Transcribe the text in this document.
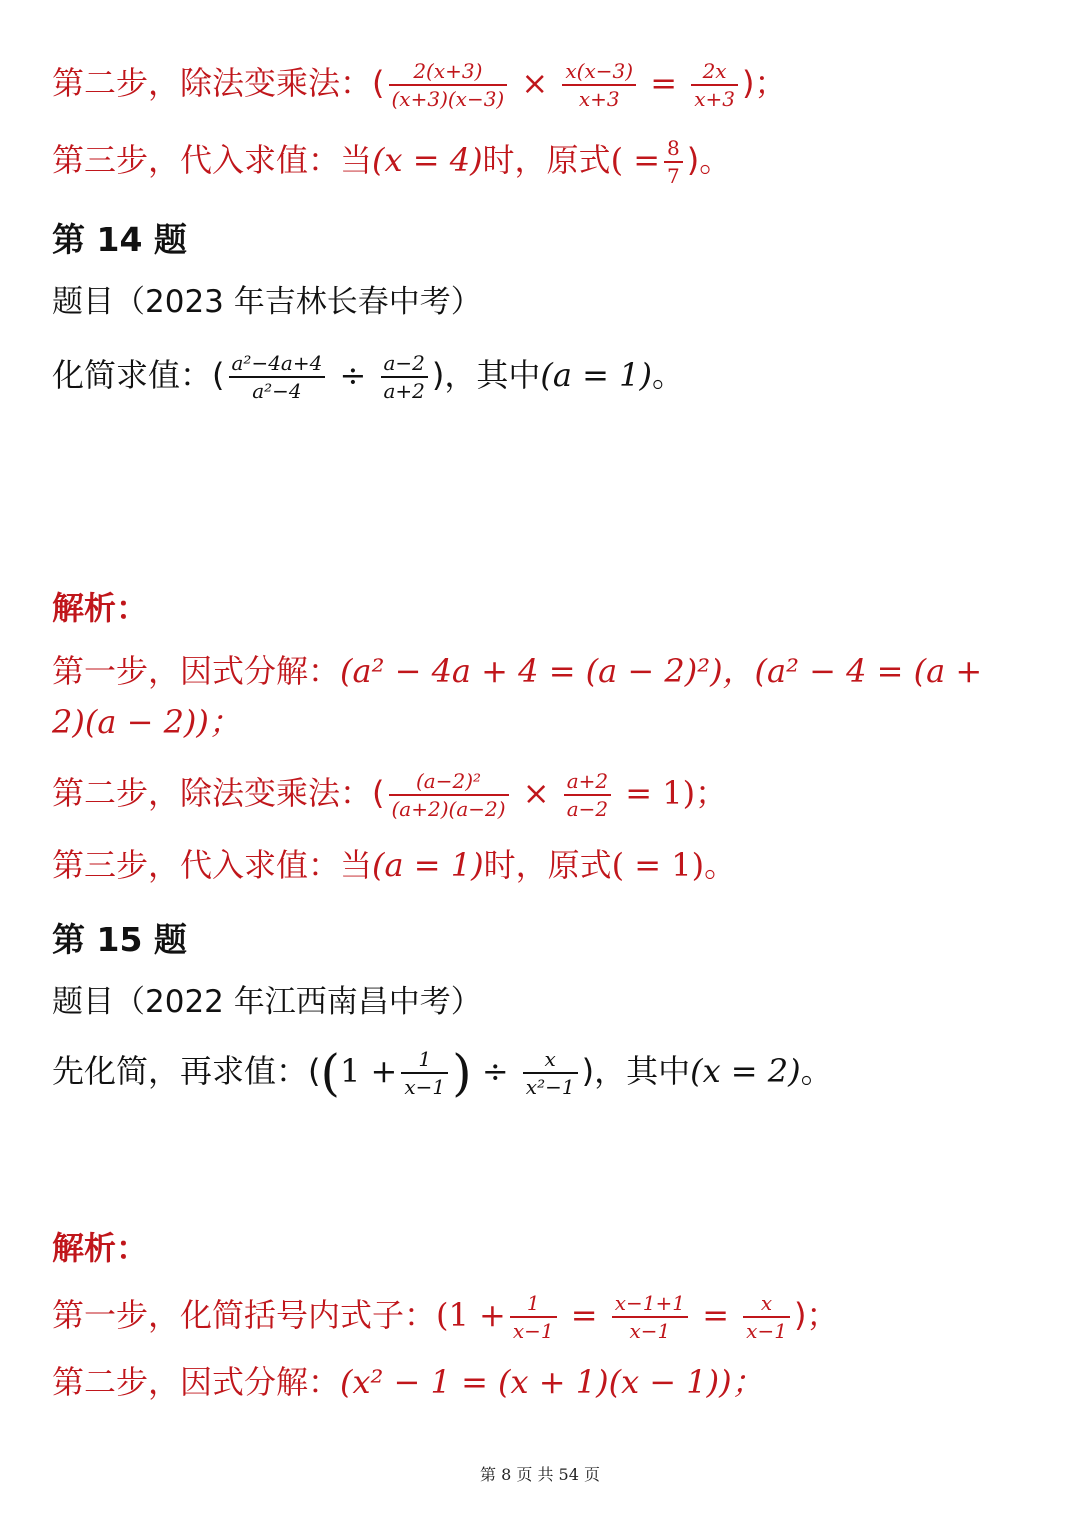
第二步，除法变乘法：( $\frac{2(x+3)}{(x+3)(x-3)} \times \frac{x(x-3)}{x+3} = \frac{2x}{x+3}$ )；
第三步，代入求值：当(x = 4)时，原式( = $\frac{8}{7}$ )。
第 14 题
题目（2023 年吉林长春中考）
化简求值：( $\frac{\text{a²−4a+4}}{\text{a²−4}} \div \frac{a-2}{a+2}$ )，其中(a = 1)。
解析：
第一步，因式分解：(a² − 4a + 4 = (a − 2)²)，(a² − 4 = (a +
2)(a − 2))；
第二步，除法变乘法：( $\frac{\text{(a−2)²}}{(a+2)(a-2)} \times \frac{a+2}{a-2} = 1$)；
第三步，代入求值：当(a = 1)时，原式( = 1)。
第 15 题
题目（2022 年江西南昌中考）
先化简，再求值：(($1 + \frac{1}{x-1}$ ) ÷ $\frac{x}{\text{x²−1}}$ )，其中(x = 2)。
解析：
第一步，化简括号内式子：($1 + \frac{1}{x-1} = \frac{x-1+1}{x-1} = \frac{x}{x-1}$ )；
第二步，因式分解：(x² − 1 = (x + 1)(x − 1))；
第 8 页 共 54 页
